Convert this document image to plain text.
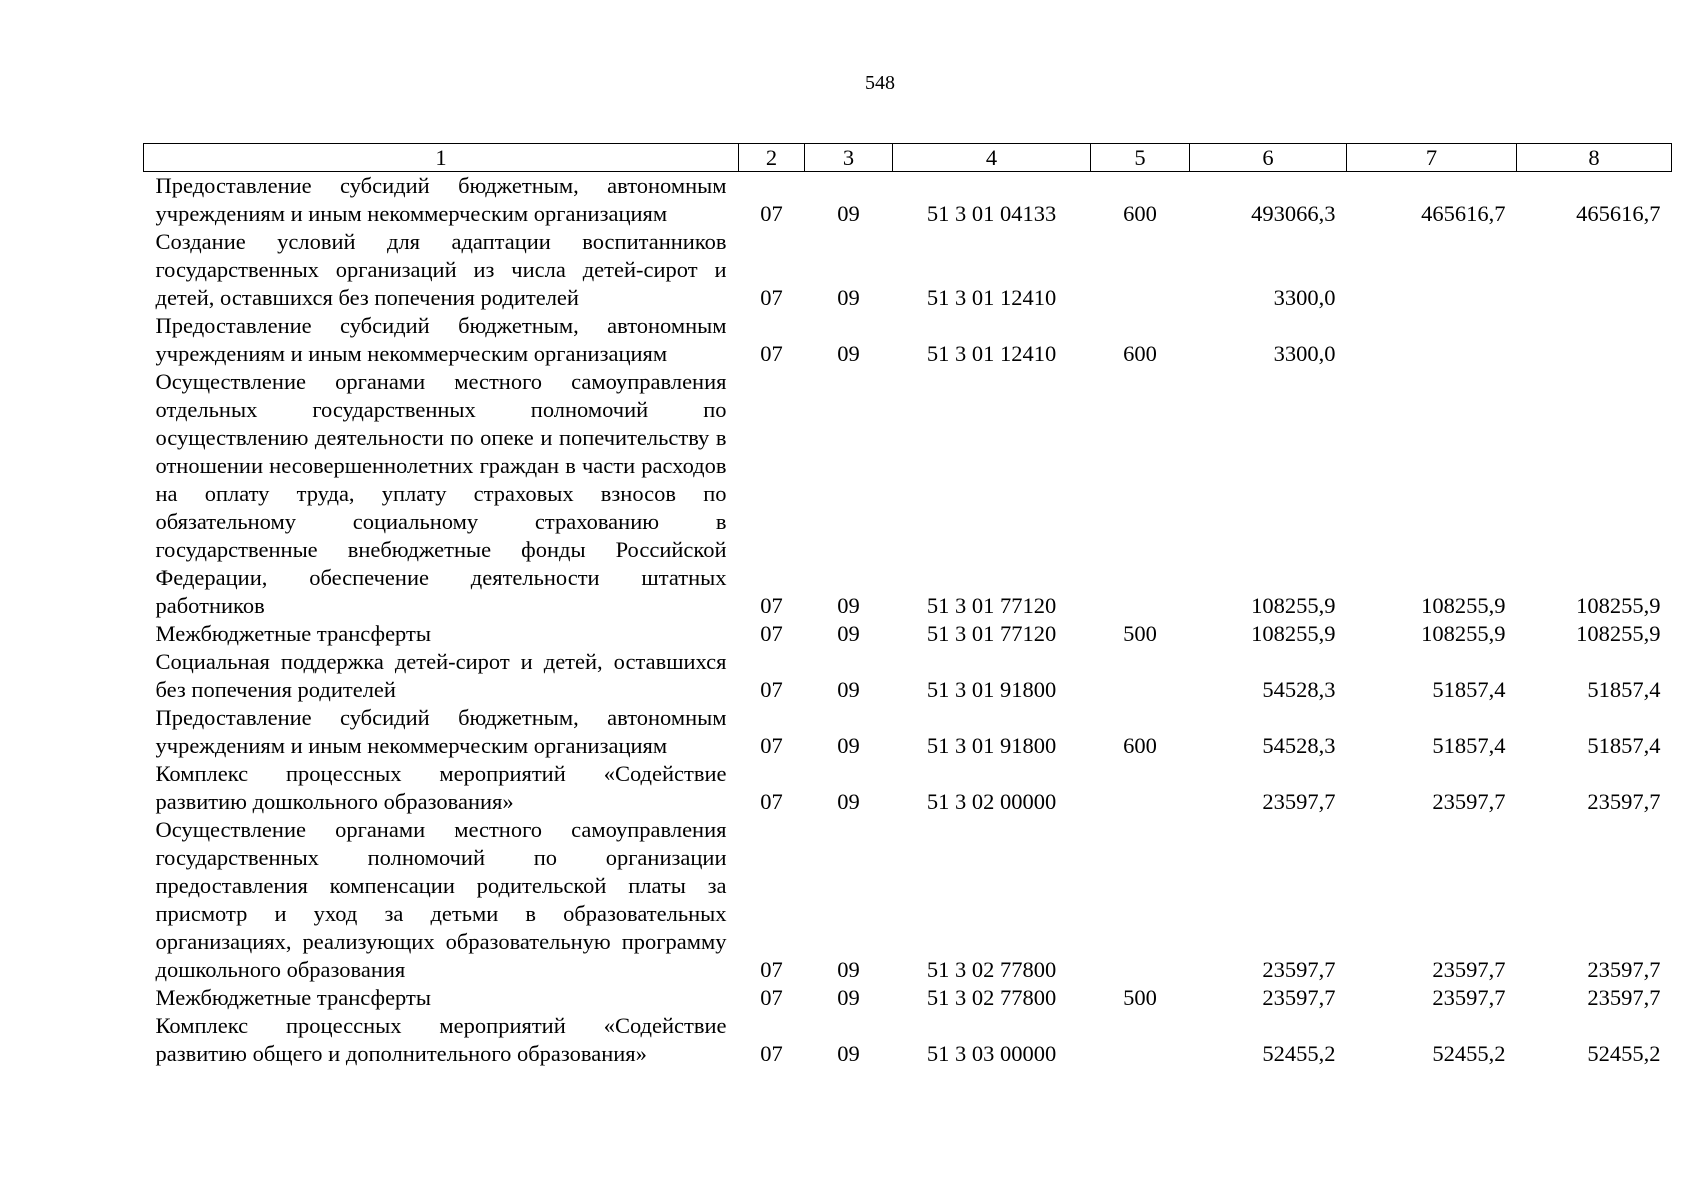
548
1	2	3	4	5	6	7	8
Предоставление субсидий бюджетным, автономным учреждениям и иным некоммерческим организациям	07	09	51 3 01 04133	600	493066,3	465616,7	465616,7
Создание условий для адаптации воспитанников государственных организаций из числа детей-сирот и детей, оставшихся без попечения родителей	07	09	51 3 01 12410		3300,0		
Предоставление субсидий бюджетным, автономным учреждениям и иным некоммерческим организациям	07	09	51 3 01 12410	600	3300,0		
Осуществление органами местного самоуправления отдельных государственных полномочий по осуществлению деятельности по опеке и попечительству в отношении несовершеннолетних граждан в части расходов на оплату труда, уплату страховых взносов по обязательному социальному страхованию в государственные внебюджетные фонды Российской Федерации, обеспечение деятельности штатных работников	07	09	51 3 01 77120		108255,9	108255,9	108255,9
Межбюджетные трансферты	07	09	51 3 01 77120	500	108255,9	108255,9	108255,9
Социальная поддержка детей-сирот и детей, оставшихся без попечения родителей	07	09	51 3 01 91800		54528,3	51857,4	51857,4
Предоставление субсидий бюджетным, автономным учреждениям и иным некоммерческим организациям	07	09	51 3 01 91800	600	54528,3	51857,4	51857,4
Комплекс процессных мероприятий «Содействие развитию дошкольного образования»	07	09	51 3 02 00000		23597,7	23597,7	23597,7
Осуществление органами местного самоуправления государственных полномочий по организации предоставления компенсации родительской платы за присмотр и уход за детьми в образовательных организациях, реализующих образовательную программу дошкольного образования	07	09	51 3 02 77800		23597,7	23597,7	23597,7
Межбюджетные трансферты	07	09	51 3 02 77800	500	23597,7	23597,7	23597,7
Комплекс процессных мероприятий «Содействие развитию общего и дополнительного образования»	07	09	51 3 03 00000		52455,2	52455,2	52455,2
